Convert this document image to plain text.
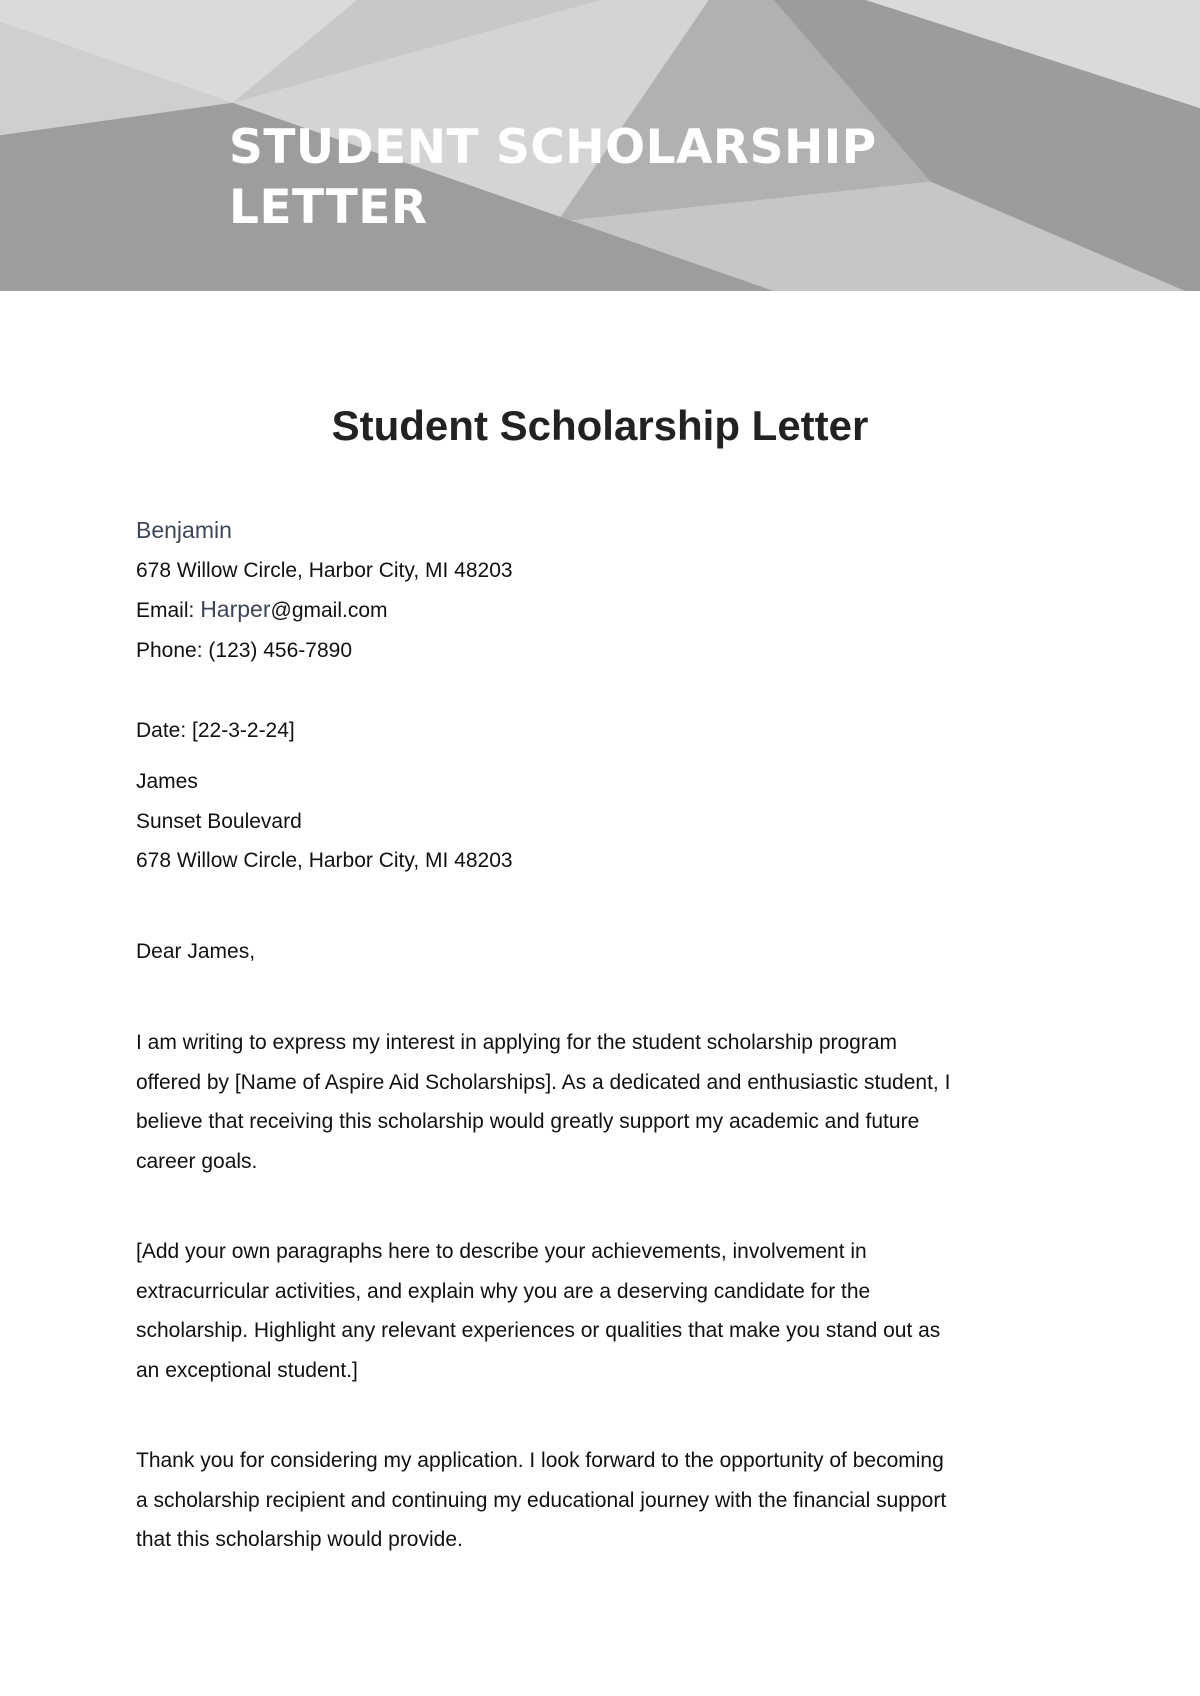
STUDENT SCHOLARSHIP
LETTER
Student Scholarship Letter
Benjamin
678 Willow Circle, Harbor City, MI 48203
Email: Harper@gmail.com
Phone: (123) 456-7890
Date: [22-3-2-24]
James
Sunset Boulevard
678 Willow Circle, Harbor City, MI 48203
Dear James,
I am writing to express my interest in applying for the student scholarship program
offered by [Name of Aspire Aid Scholarships]. As a dedicated and enthusiastic student, I
believe that receiving this scholarship would greatly support my academic and future
career goals.
[Add your own paragraphs here to describe your achievements, involvement in
extracurricular activities, and explain why you are a deserving candidate for the
scholarship. Highlight any relevant experiences or qualities that make you stand out as
an exceptional student.]
Thank you for considering my application. I look forward to the opportunity of becoming
a scholarship recipient and continuing my educational journey with the financial support
that this scholarship would provide.
